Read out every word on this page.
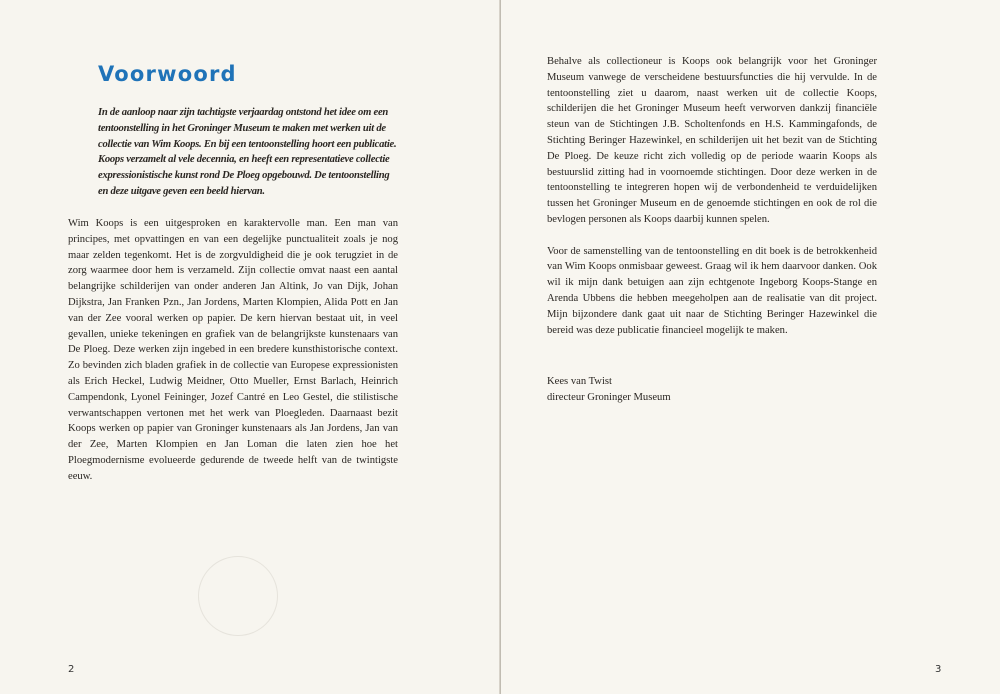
Voorwoord

In de aanloop naar zijn tachtigste verjaardag ontstond het idee om een tentoonstelling in het Groninger Museum te maken met werken uit de collectie van Wim Koops. En bij een tentoonstelling hoort een publicatie. Koops verzamelt al vele decennia, en heeft een representatieve collectie expressionistische kunst rond De Ploeg opgebouwd. De tentoonstelling en deze uitgave geven een beeld hiervan.

Wim Koops is een uitgesproken en karaktervolle man. Een man van principes, met opvattingen en van een degelijke punctualiteit zoals je nog maar zelden tegenkomt. Het is de zorgvuldigheid die je ook terugziet in de zorg waarmee door hem is verzameld. Zijn collectie omvat naast een aantal belangrijke schilderijen van onder anderen Jan Altink, Jo van Dijk, Johan Dijkstra, Jan Franken Pzn., Jan Jordens, Marten Klompien, Alida Pott en Jan van der Zee vooral werken op papier. De kern hiervan bestaat uit, in veel gevallen, unieke tekeningen en grafiek van de belangrijkste kunstenaars van De Ploeg. Deze werken zijn ingebed in een bredere kunsthistorische context. Zo bevinden zich bladen grafiek in de collectie van Europese expressionisten als Erich Heckel, Ludwig Meidner, Otto Mueller, Ernst Barlach, Heinrich Campendonk, Lyonel Feininger, Jozef Cantré en Leo Gestel, die stilistische verwantschappen vertonen met het werk van Ploegleden. Daarnaast bezit Koops werken op papier van Groninger kunstenaars als Jan Jordens, Jan van der Zee, Marten Klompien en Jan Loman die laten zien hoe het Ploegmodernisme evolueerde gedurende de tweede helft van de twintigste eeuw.

2

Behalve als collectioneur is Koops ook belangrijk voor het Groninger Museum vanwege de verscheidene bestuursfuncties die hij vervulde. In de tentoonstelling ziet u daarom, naast werken uit de collectie Koops, schilderijen die het Groninger Museum heeft verworven dankzij financiële steun van de Stichtingen J.B. Scholtenfonds en H.S. Kammingafonds, de Stichting Beringer Hazewinkel, en schilderijen uit het bezit van de Stichting De Ploeg. De keuze richt zich volledig op de periode waarin Koops als bestuurslid zitting had in voornoemde stichtingen. Door deze werken in de tentoonstelling te integreren hopen wij de verbondenheid te verduidelijken tussen het Groninger Museum en de genoemde stichtingen en ook de rol die bevlogen personen als Koops daarbij kunnen spelen.

Voor de samenstelling van de tentoonstelling en dit boek is de betrokkenheid van Wim Koops onmisbaar geweest. Graag wil ik hem daarvoor danken. Ook wil ik mijn dank betuigen aan zijn echtgenote Ingeborg Koops-Stange en Arenda Ubbens die hebben meegeholpen aan de realisatie van dit project. Mijn bijzondere dank gaat uit naar de Stichting Beringer Hazewinkel die bereid was deze publicatie financieel mogelijk te maken.

Kees van Twist
directeur Groninger Museum
3
